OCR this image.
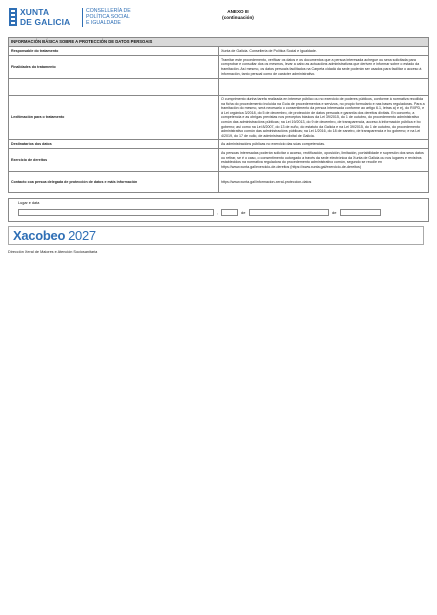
XUNTA
DE GALICIA
CONSELLERÍA DE
POLÍTICA SOCIAL
E IGUALDADE
ANEXO III
(continuación)
INFORMACIÓN BÁSICA SOBRE A PROTECCIÓN DE DATOS PERSOAIS	
Responsable do tratamento	Xunta de Galicia. Consellería de Política Social e Igualdade.
Finalidades do tratamento	Tramitar este procedemento, verificar os datos e os documentos que a persoa interesada achegue ou sexa solicitada para comprobar e consultar dos os mesmos, levar a cabo as actuacións administrativas que deriven e informar sobre o estado da tramitación. Así mesmo, os datos persoais facilitados na Carpeta cidadá da sede poderán ser usados para facilitar o acceso á información, tanto persoal como de carácter administrativo.

Lexitimación para o tratamento	O cumprimento dunha tarefa realizada en interese público ou no exercicio de poderes públicos, conforme á normativa recollida na ficha do procedemento incluída na Guía de procedementos e servizos, no propio formulario e nas bases reguladoras. Para a tramitación do mesmo, será necesario o consentimento da persoa interesada conforme ao artigo 6.1, letras a) e e), do RXPD, e á Lei orgánica 3/2018, do 5 de decembro, de protección de datos persoais e garantía dos dereitos dixitais. En concreto, a competencia e as obrigas previstas nos preceptos básicos da Lei 39/2015, do 1 de outubro, do procedemento administrativo común das administracións públicas; na Lei 19/2013, do 9 de decembro, de transparencia, acceso á información pública e bo goberno; así como na Lei 8/2007, do 13 de xuño, do estatuto da Galicia e na Lei 39/2015, do 1 de outubro, do procedemento administrativo común das administracións públicas; na Lei 1/2016, do 18 de xaneiro, de transparencia e bo goberno; e na Lei 4/2019, do 17 de xullo, de administración dixital de Galicia.
Destinatarios dos datos	As administracións públicas no exercicio das súas competencias.
Exercicio de dereitos	As persoas interesadas poderán solicitar o acceso, rectificación, oposición, limitación, portabilidade e supresión dos seus datos ou retirar, se é o caso, o consentimento outorgado a través da sede electrónica da Xunta de Galicia ou nos lugares e rexistros establecidos na normativa reguladora do procedemento administrativo común, segundo se recolle en https://www.xunta.gal/exercicio-de-dereitos (https://www.xunta.gal/exercicio-de-dereitos)
Contacto coa persoa delegada de protección de datos e máis información	https://www.xunta.gal/informacion-xeral-proteccion-datos
Lugar e data
,	de	de
Xacobeo 2027
Dirección Xeral de Maiores e Atención Sociosanitaria
